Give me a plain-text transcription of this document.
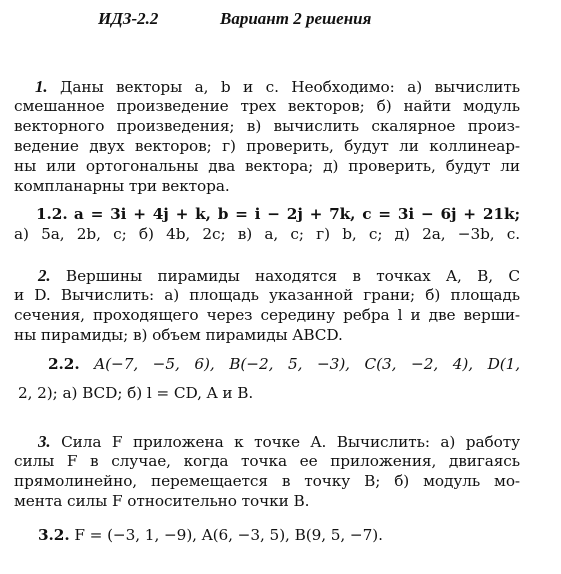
ИДЗ-2.2	Вариант 2 решения
1. Даны векторы a, b и c. Необходимо: а) вычислить
смешанное произведение трех векторов; б) найти модуль
векторного произведения; в) вычислить скалярное произ-
ведение двух векторов; г) проверить, будут ли коллинеар-
ны или ортогональны два вектора; д) проверить, будут ли
компланарны три вектора.
1.2. a = 3i + 4j + k, b = i − 2j + 7k, c = 3i − 6j + 21k;
а) 5a, 2b, c; б) 4b, 2c; в) a, c; г) b, c; д) 2a, −3b, c.
2. Вершины пирамиды находятся в точках A, B, C
и D. Вычислить: а) площадь указанной грани; б) площадь
сечения, проходящего через середину ребра l и две верши-
ны пирамиды; в) объем пирамиды ABCD.
2.2. A(−7, −5, 6), B(−2, 5, −3), C(3, −2, 4), D(1,
2, 2); а) BCD; б) l = CD, A и B.
3. Сила F приложена к точке A. Вычислить: а) работу
силы F в случае, когда точка ее приложения, двигаясь
прямолинейно, перемещается в точку B; б) модуль мо-
мента силы F относительно точки B.
3.2. F = (−3, 1, −9), A(6, −3, 5), B(9, 5, −7).
